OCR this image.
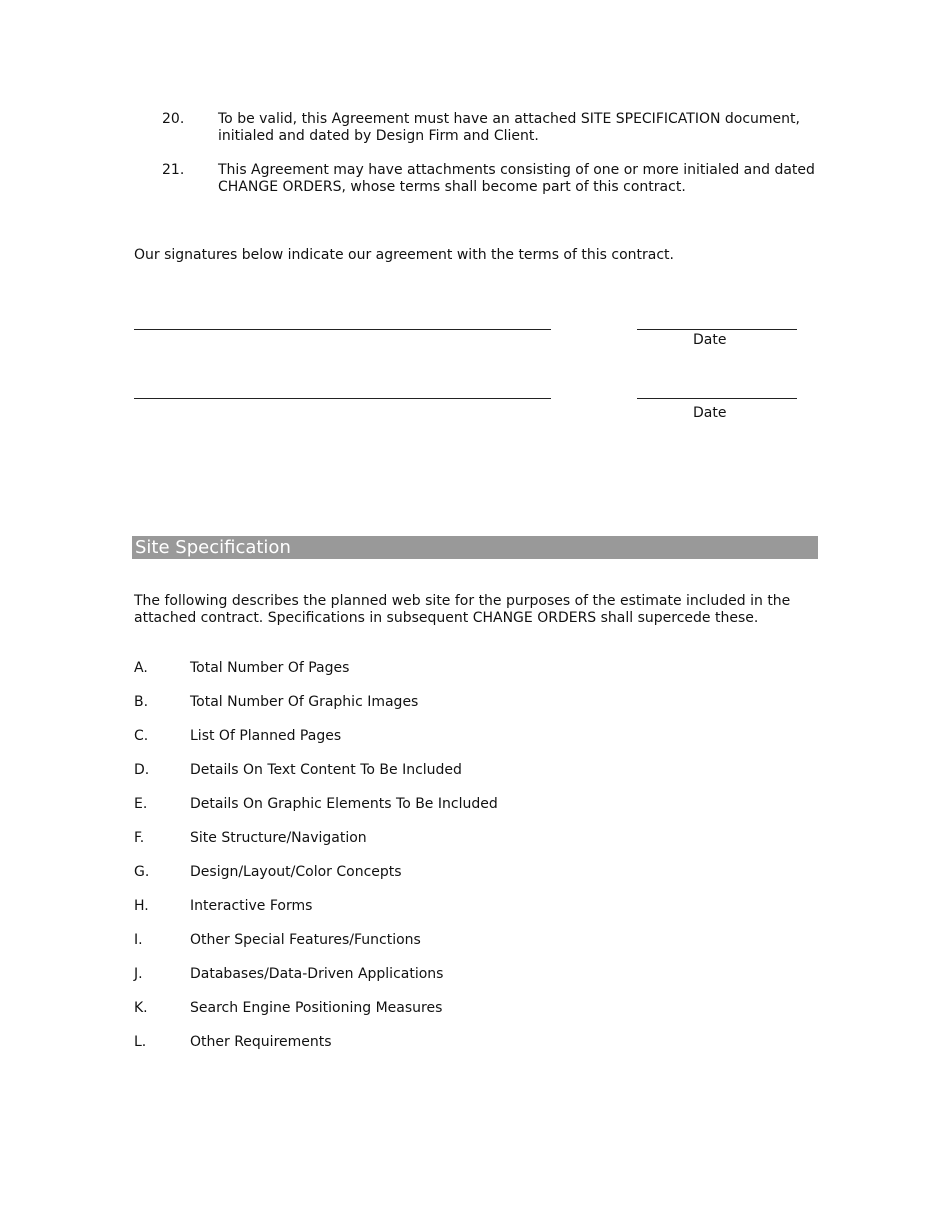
20. To be valid, this Agreement must have an attached SITE SPECIFICATION document,
initialed and dated by Design Firm and Client.
21. This Agreement may have attachments consisting of one or more initialed and dated
CHANGE ORDERS, whose terms shall become part of this contract.
Our signatures below indicate our agreement with the terms of this contract.
Date
Date
Site Specification
The following describes the planned web site for the purposes of the estimate included in the
attached contract. Specifications in subsequent CHANGE ORDERS shall supercede these.
A.	Total Number Of Pages
B.	Total Number Of Graphic Images
C.	List Of Planned Pages
D.	Details On Text Content To Be Included
E.	Details On Graphic Elements To Be Included
F.	Site Structure/Navigation
G.	Design/Layout/Color Concepts
H.	Interactive Forms
I.	Other Special Features/Functions
J.	Databases/Data-Driven Applications
K.	Search Engine Positioning Measures
L.	Other Requirements
